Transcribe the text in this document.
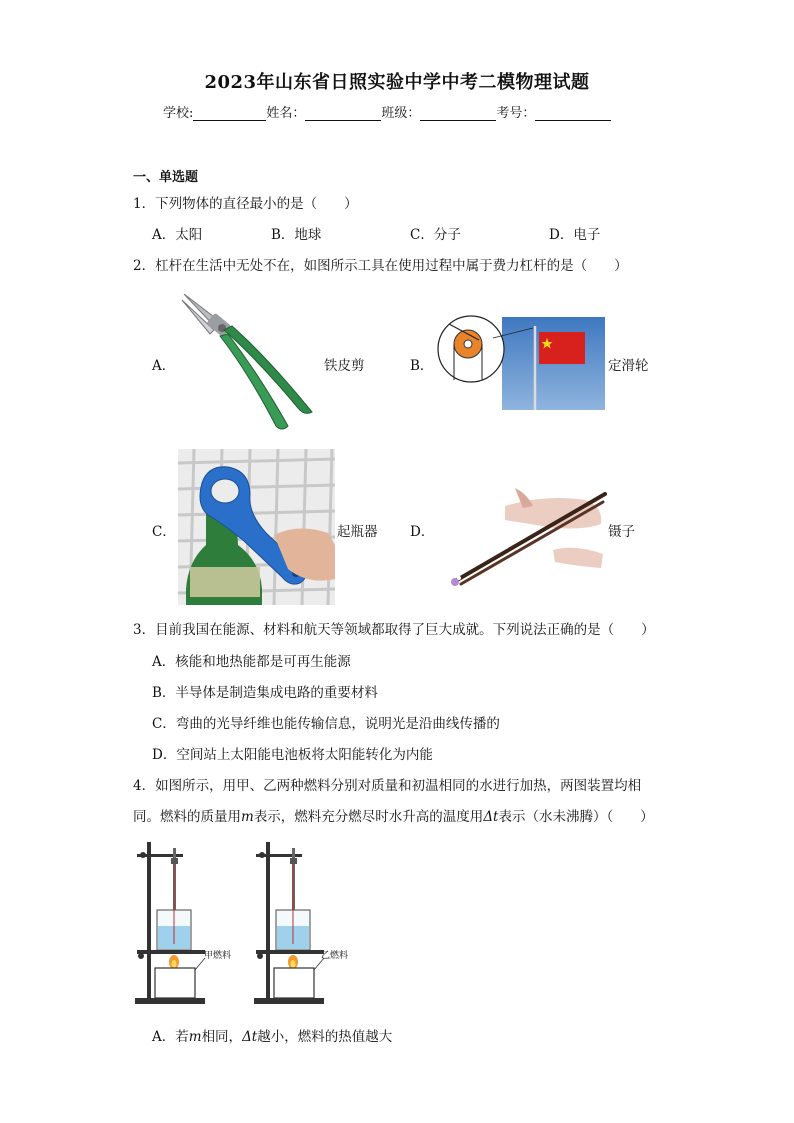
2023年山东省日照实验中学中考二模物理试题
学校:	姓名：	班级：	考号：
一、单选题
1．下列物体的直径最小的是（　　）
A．太阳	B．地球	C．分子	D．电子
2．杠杆在生活中无处不在，如图所示工具在使用过程中属于费力杠杆的是（　　）
A．	铁皮剪	B．	定滑轮
C．	起瓶器 D．	镊子
3．目前我国在能源、材料和航天等领域都取得了巨大成就。下列说法正确的是（　　）
A．核能和地热能都是可再生能源
B．半导体是制造集成电路的重要材料
C．弯曲的光导纤维也能传输信息，说明光是沿曲线传播的
D．空间站上太阳能电池板将太阳能转化为内能
4．如图所示，用甲、乙两种燃料分别对质量和初温相同的水进行加热，两图装置均相
同。燃料的质量用m表示，燃料充分燃尽时水升高的温度用Δt表示（水未沸腾）（　　）
甲燃料	乙燃料
A．若m相同，Δt越小，燃料的热值越大
